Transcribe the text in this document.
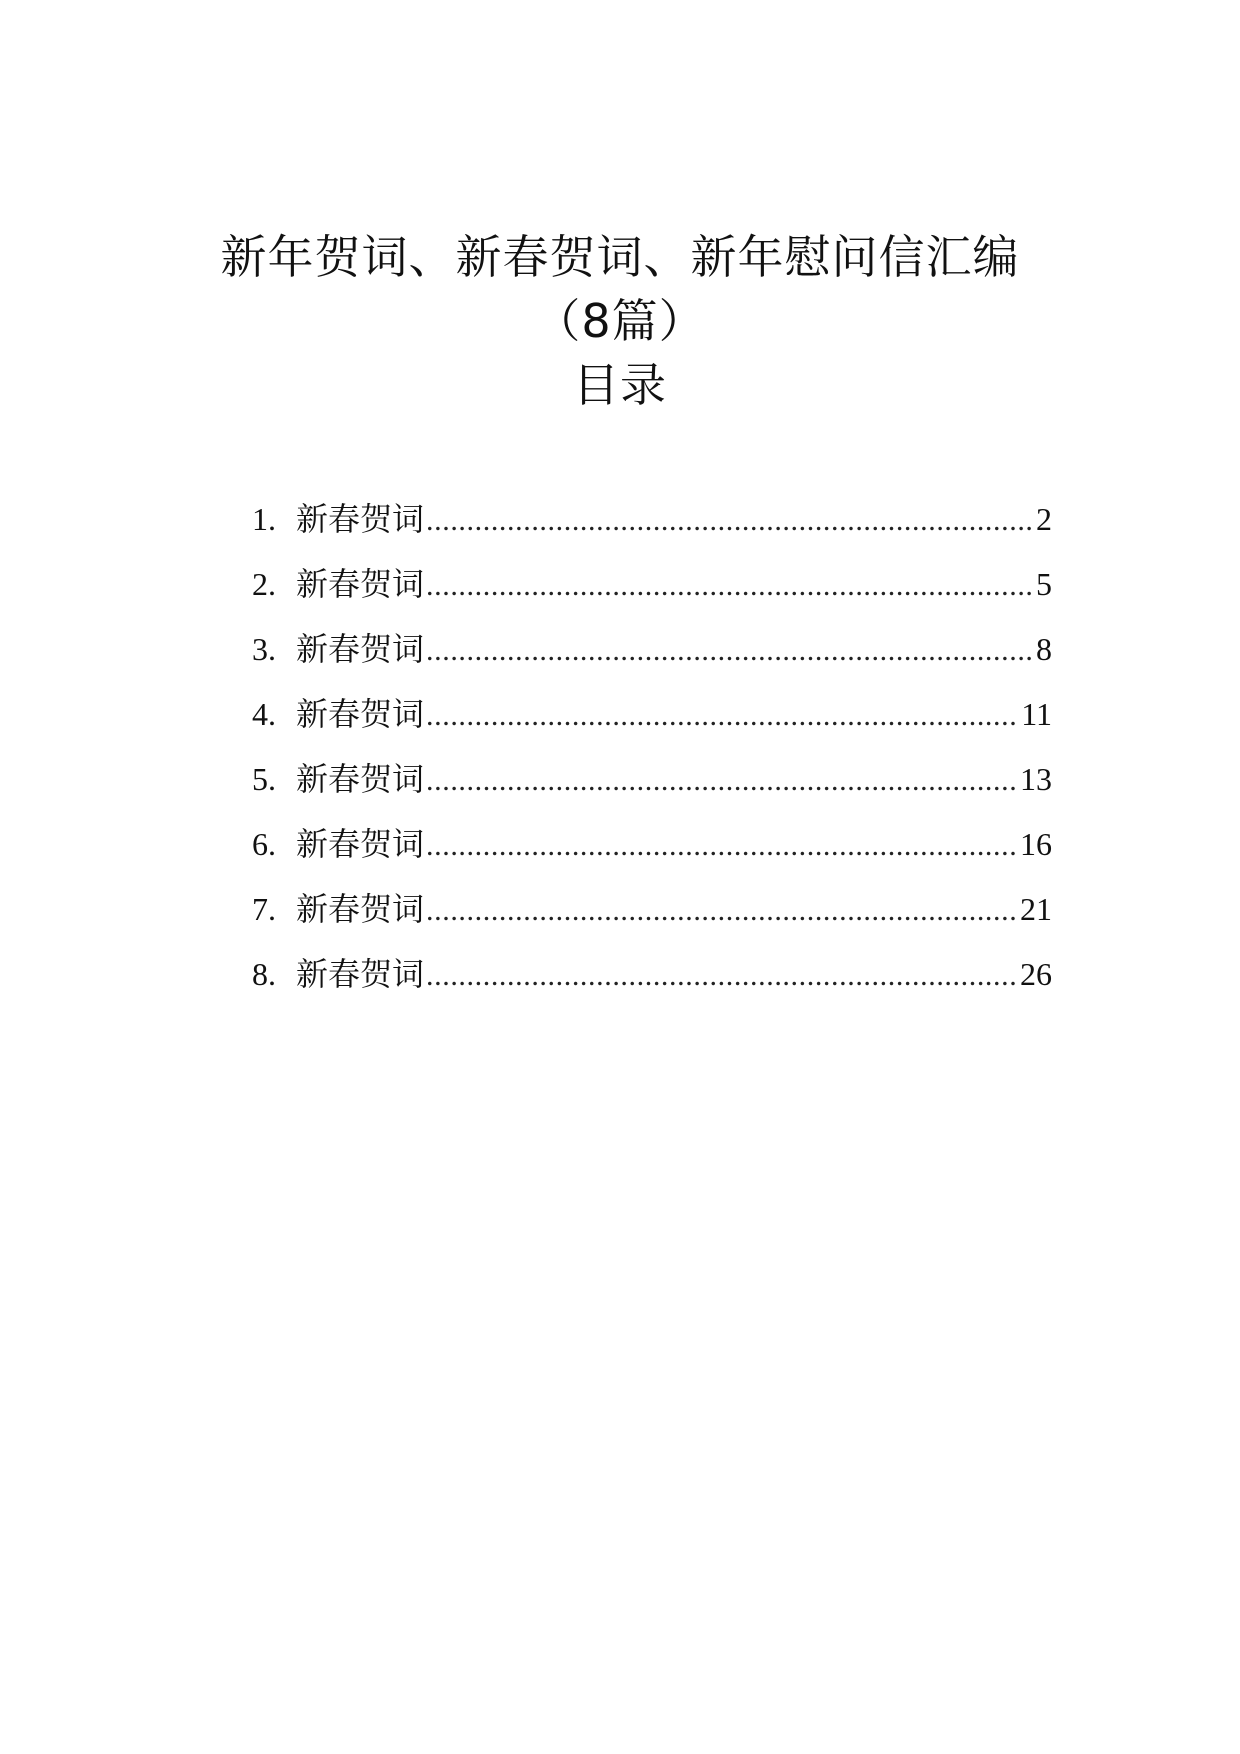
新年贺词、新春贺词、新年慰问信汇编
（8篇）
目录
1. 新春贺词 .....	2
2. 新春贺词 .....	5
3. 新春贺词 .....	8
4. 新春贺词 .....	11
5. 新春贺词 .....	13
6. 新春贺词 .....	16
7. 新春贺词 .....	21
8. 新春贺词 .....	26
